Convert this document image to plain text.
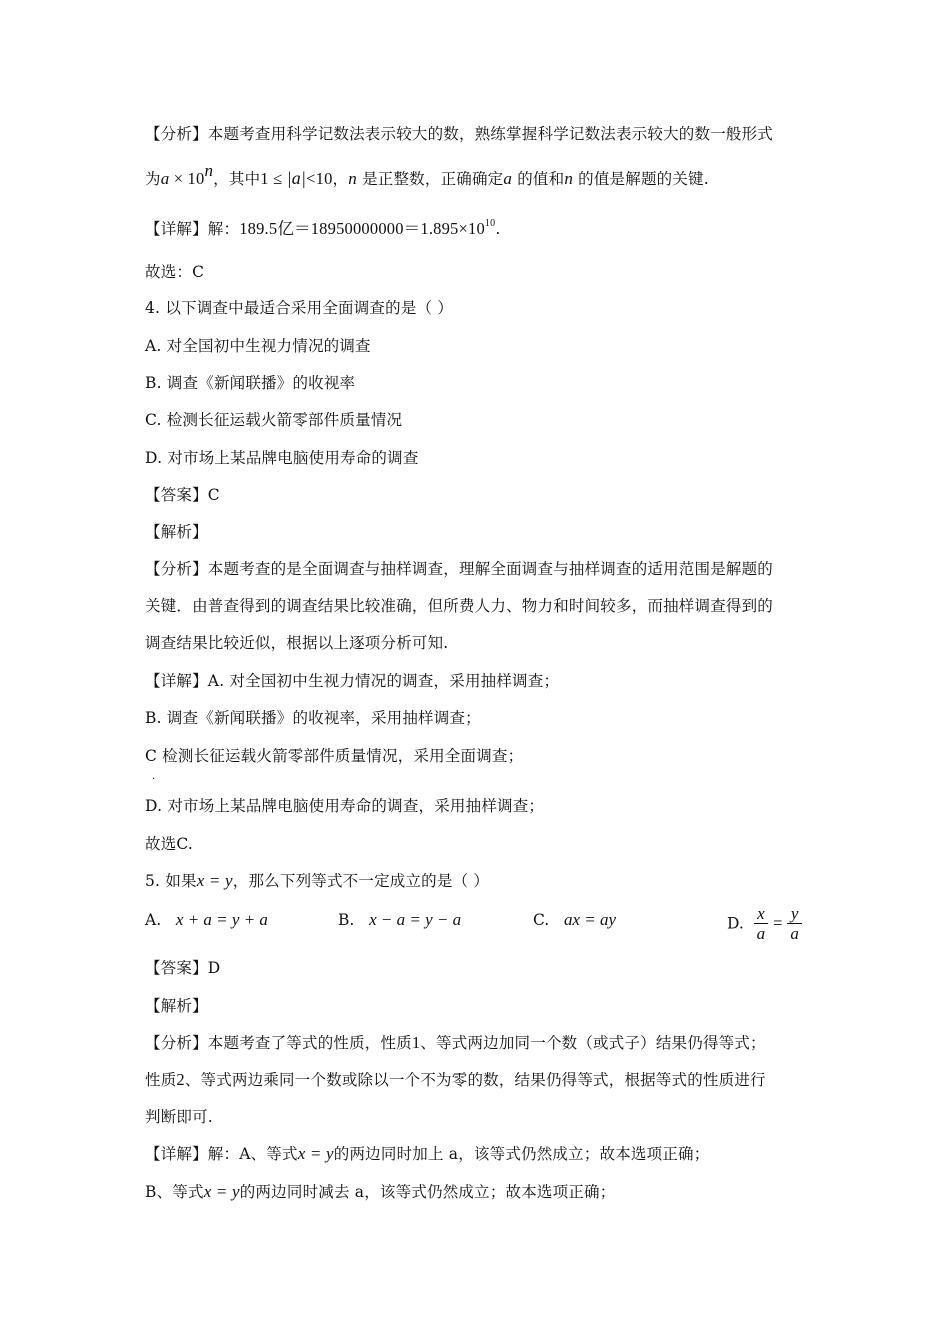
【分析】本题考查用科学记数法表示较大的数，熟练掌握科学记数法表示较大的数一般形式
为$a \times 10^n$，其中1 ≤ |a|<10，n 是正整数，正确确定a 的值和n 的值是解题的关键.
【详解】解：189.5亿$=18950000000=1.895\times 10^{10}$.
故选：C
4. 以下调查中最适合采用全面调查的是（ ）
A. 对全国初中生视力情况的调查
B. 调查《新闻联播》的收视率
C. 检测长征运载火箭零部件质量情况
D. 对市场上某品牌电脑使用寿命的调查
【答案】C
【解析】
【分析】本题考查的是全面调查与抽样调查，理解全面调查与抽样调查的适用范围是解题的
关键．由普查得到的调查结果比较准确，但所费人力、物力和时间较多，而抽样调查得到的
调查结果比较近似，根据以上逐项分析可知.
【详解】A. 对全国初中生视力情况的调查，采用抽样调查；
B. 调查《新闻联播》的收视率，采用抽样调查；
C 检测长征运载火箭零部件质量情况，采用全面调查；
·
D. 对市场上某品牌电脑使用寿命的调查，采用抽样调查；
故选C.
5. 如果x = y，那么下列等式不一定成立的是（ ）
A. x + a = y + a	B. x − a = y − a	C. ax = ay	D. $\frac{x}{a} = \frac{y}{a}$
【答案】D
【解析】
【分析】本题考查了等式的性质，性质1、等式两边加同一个数（或式子）结果仍得等式；
性质2、等式两边乘同一个数或除以一个不为零的数，结果仍得等式，根据等式的性质进行
判断即可.
【详解】解：A、等式x = y的两边同时加上 a，该等式仍然成立；故本选项正确；
B、等式x = y的两边同时减去 a，该等式仍然成立；故本选项正确；
